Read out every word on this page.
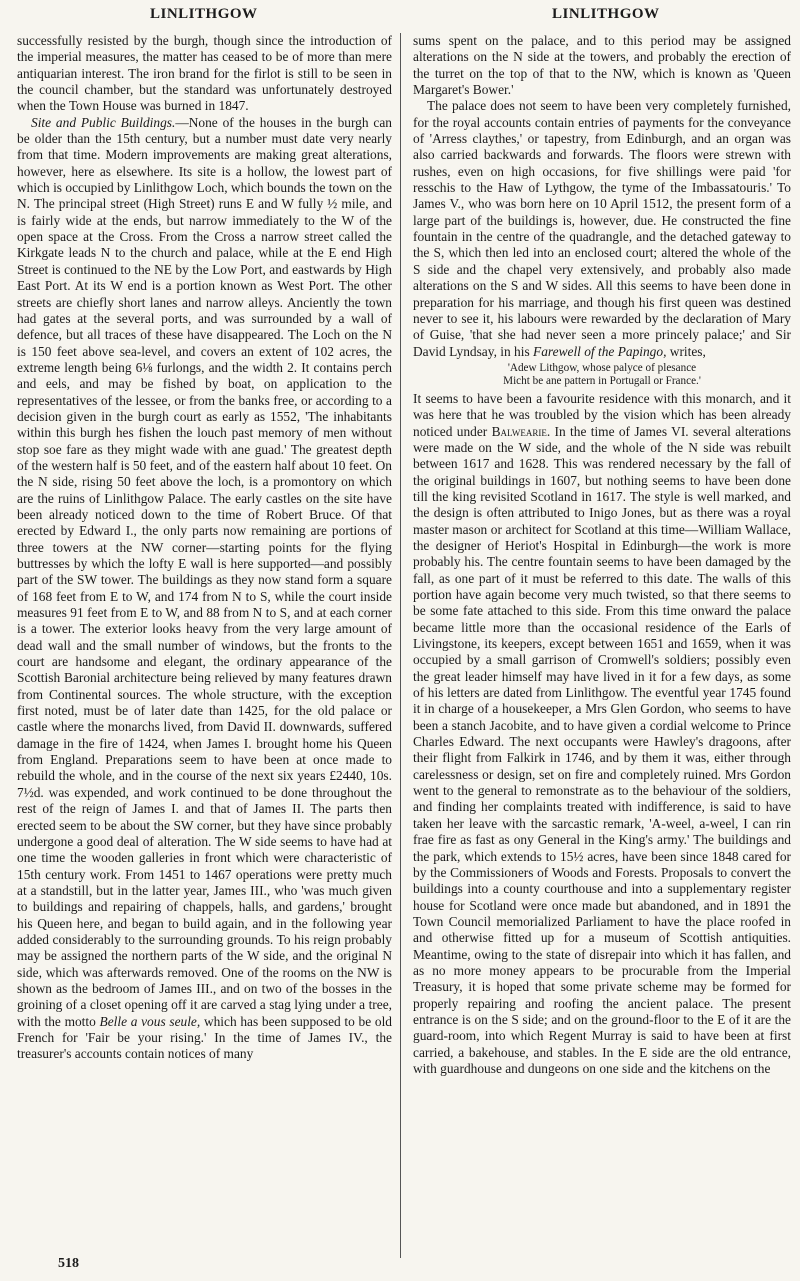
LINLITHGOW	LINLITHGOW

successfully resisted by the burgh, though since the introduction of the imperial measures, the matter has ceased to be of more than mere antiquarian interest. The iron brand for the firlot is still to be seen in the council chamber, but the standard was unfortunately destroyed when the Town House was burned in 1847.

Site and Public Buildings.—None of the houses in the burgh can be older than the 15th century, but a number must date very nearly from that time. Modern improvements are making great alterations, however, here as elsewhere. Its site is a hollow, the lowest part of which is occupied by Linlithgow Loch, which bounds the town on the N. The principal street (High Street) runs E and W fully ½ mile, and is fairly wide at the ends, but narrow immediately to the W of the open space at the Cross. From the Cross a narrow street called the Kirkgate leads N to the church and palace, while at the E end High Street is continued to the NE by the Low Port, and eastwards by High East Port. At its W end is a portion known as West Port. The other streets are chiefly short lanes and narrow alleys. Anciently the town had gates at the several ports, and was surrounded by a wall of defence, but all traces of these have disappeared. The Loch on the N is 150 feet above sea-level, and covers an extent of 102 acres, the extreme length being 6⅛ furlongs, and the width 2. It contains perch and eels, and may be fished by boat, on application to the representatives of the lessee, or from the banks free, or according to a decision given in the burgh court as early as 1552, 'The inhabitants within this burgh hes fishen the louch past memory of men without stop soe fare as they might wade with ane guad.' The greatest depth of the western half is 50 feet, and of the eastern half about 10 feet. On the N side, rising 50 feet above the loch, is a promontory on which are the ruins of Linlithgow Palace. The early castles on the site have been already noticed down to the time of Robert Bruce. Of that erected by Edward I., the only parts now remaining are portions of three towers at the NW corner—starting points for the flying buttresses by which the lofty E wall is here supported—and possibly part of the SW tower. The buildings as they now stand form a square of 168 feet from E to W, and 174 from N to S, while the court inside measures 91 feet from E to W, and 88 from N to S, and at each corner is a tower. The exterior looks heavy from the very large amount of dead wall and the small number of windows, but the fronts to the court are handsome and elegant, the ordinary appearance of the Scottish Baronial architecture being relieved by many features drawn from Continental sources. The whole structure, with the exception first noted, must be of later date than 1425, for the old palace or castle where the monarchs lived, from David II. downwards, suffered damage in the fire of 1424, when James I. brought home his Queen from England. Preparations seem to have been at once made to rebuild the whole, and in the course of the next six years £2440, 10s. 7½d. was expended, and work continued to be done throughout the rest of the reign of James I. and that of James II. The parts then erected seem to be about the SW corner, but they have since probably undergone a good deal of alteration. The W side seems to have had at one time the wooden galleries in front which were characteristic of 15th century work. From 1451 to 1467 operations were pretty much at a standstill, but in the latter year, James III., who 'was much given to buildings and repairing of chappels, halls, and gardens,' brought his Queen here, and began to build again, and in the following year added considerably to the surrounding grounds. To his reign probably may be assigned the northern parts of the W side, and the original N side, which was afterwards removed. One of the rooms on the NW is shown as the bedroom of James III., and on two of the bosses in the groining of a closet opening off it are carved a stag lying under a tree, with the motto Belle a vous seule, which has been supposed to be old French for 'Fair be your rising.' In the time of James IV., the treasurer's accounts contain notices of many

sums spent on the palace, and to this period may be assigned alterations on the N side at the towers, and probably the erection of the turret on the top of that to the NW, which is known as 'Queen Margaret's Bower.'

The palace does not seem to have been very completely furnished, for the royal accounts contain entries of payments for the conveyance of 'Arress claythes,' or tapestry, from Edinburgh, and an organ was also carried backwards and forwards. The floors were strewn with rushes, even on high occasions, for five shillings were paid 'for resschis to the Haw of Lythgow, the tyme of the Imbassatouris.' To James V., who was born here on 10 April 1512, the present form of a large part of the buildings is, however, due. He constructed the fine fountain in the centre of the quadrangle, and the detached gateway to the S, which then led into an enclosed court; altered the whole of the S side and the chapel very extensively, and probably also made alterations on the S and W sides. All this seems to have been done in preparation for his marriage, and though his first queen was destined never to see it, his labours were rewarded by the declaration of Mary of Guise, 'that she had never seen a more princely palace;' and Sir David Lyndsay, in his Farewell of the Papingo, writes,

'Adew Lithgow, whose palyce of plesance
Micht be ane pattern in Portugall or France.'

It seems to have been a favourite residence with this monarch, and it was here that he was troubled by the vision which has been already noticed under Balwearie. In the time of James VI. several alterations were made on the W side, and the whole of the N side was rebuilt between 1617 and 1628. This was rendered necessary by the fall of the original buildings in 1607, but nothing seems to have been done till the king revisited Scotland in 1617. The style is well marked, and the design is often attributed to Inigo Jones, but as there was a royal master mason or architect for Scotland at this time—William Wallace, the designer of Heriot's Hospital in Edinburgh—the work is more probably his. The centre fountain seems to have been damaged by the fall, as one part of it must be referred to this date. The walls of this portion have again become very much twisted, so that there seems to be some fate attached to this side. From this time onward the palace became little more than the occasional residence of the Earls of Livingstone, its keepers, except between 1651 and 1659, when it was occupied by a small garrison of Cromwell's soldiers; possibly even the great leader himself may have lived in it for a few days, as some of his letters are dated from Linlithgow. The eventful year 1745 found it in charge of a housekeeper, a Mrs Glen Gordon, who seems to have been a stanch Jacobite, and to have given a cordial welcome to Prince Charles Edward. The next occupants were Hawley's dragoons, after their flight from Falkirk in 1746, and by them it was, either through carelessness or design, set on fire and completely ruined. Mrs Gordon went to the general to remonstrate as to the behaviour of the soldiers, and finding her complaints treated with indifference, is said to have taken her leave with the sarcastic remark, 'A-weel, a-weel, I can rin frae fire as fast as ony General in the King's army.' The buildings and the park, which extends to 15½ acres, have been since 1848 cared for by the Commissioners of Woods and Forests. Proposals to convert the buildings into a county courthouse and into a supplementary register house for Scotland were once made but abandoned, and in 1891 the Town Council memorialized Parliament to have the place roofed in and otherwise fitted up for a museum of Scottish antiquities. Meantime, owing to the state of disrepair into which it has fallen, and as no more money appears to be procurable from the Imperial Treasury, it is hoped that some private scheme may be formed for properly repairing and roofing the ancient palace. The present entrance is on the S side; and on the ground-floor to the E of it are the guard-room, into which Regent Murray is said to have been at first carried, a bakehouse, and stables. In the E side are the old entrance, with guardhouse and dungeons on one side and the kitchens on the

518
